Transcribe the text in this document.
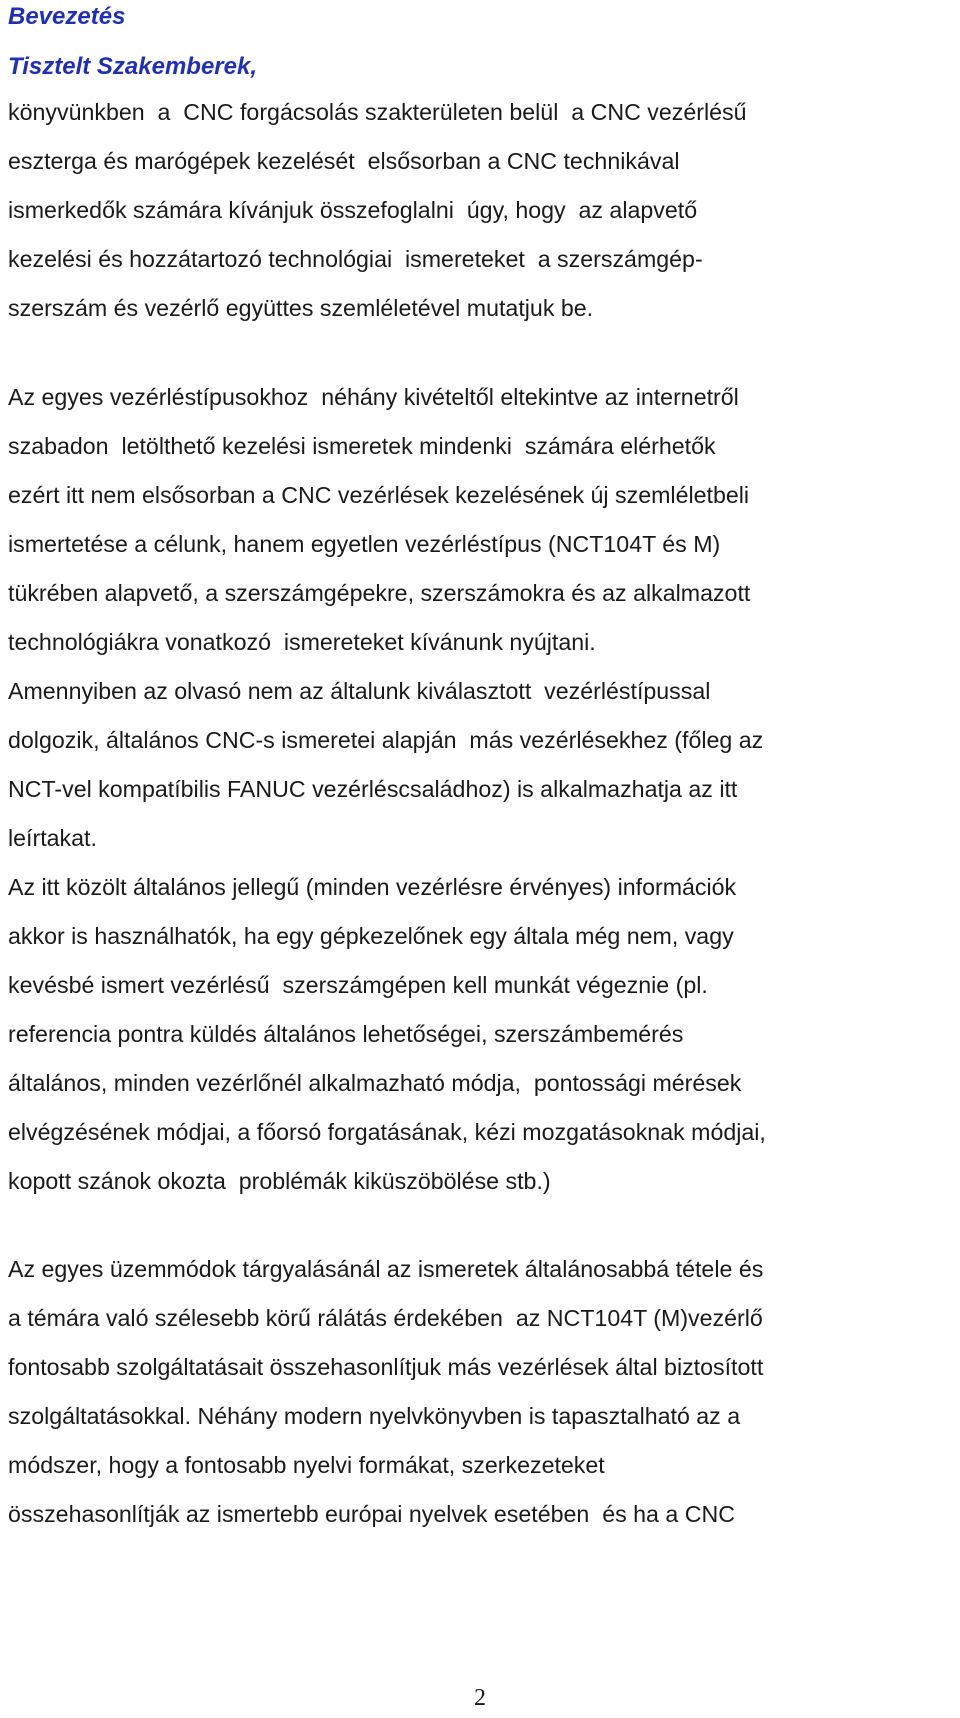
Bevezetés
Tisztelt Szakemberek,

könyvünkben  a  CNC forgácsolás szakterületen belül  a CNC vezérlésű
eszterga és marógépek kezelését  elsősorban a CNC technikával
ismerkedők számára kívánjuk összefoglalni  úgy, hogy  az alapvető
kezelési és hozzátartozó technológiai  ismereteket  a szerszámgép-
szerszám és vezérlő együttes szemléletével mutatjuk be.

Az egyes vezérléstípusokhoz  néhány kivételtől eltekintve az internetről
szabadon  letölthető kezelési ismeretek mindenki  számára elérhetők
ezért itt nem elsősorban a CNC vezérlések kezelésének új szemléletbeli
ismertetése a célunk, hanem egyetlen vezérléstípus (NCT104T és M)
tükrében alapvető, a szerszámgépekre, szerszámokra és az alkalmazott
technológiákra vonatkozó  ismereteket kívánunk nyújtani.

Amennyiben az olvasó nem az általunk kiválasztott  vezérléstípussal
dolgozik, általános CNC-s ismeretei alapján  más vezérlésekhez (főleg az
NCT-vel kompatíbilis FANUC vezérléscsaládhoz) is alkalmazhatja az itt
leírtakat.

Az itt közölt általános jellegű (minden vezérlésre érvényes) információk
akkor is használhatók, ha egy gépkezelőnek egy általa még nem, vagy
kevésbé ismert vezérlésű  szerszámgépen kell munkát végeznie (pl.
referencia pontra küldés általános lehetőségei, szerszámbemérés
általános, minden vezérlőnél alkalmazható módja,  pontossági mérések
elvégzésének módjai, a főorsó forgatásának, kézi mozgatásoknak módjai,
kopott szánok okozta  problémák kiküszöbölése stb.)

Az egyes üzemmódok tárgyalásánál az ismeretek általánosabbá tétele és
a témára való szélesebb körű rálátás érdekében  az NCT104T (M)vezérlő
fontosabb szolgáltatásait összehasonlítjuk más vezérlések által biztosított
szolgáltatásokkal. Néhány modern nyelvkönyvben is tapasztalható az a
módszer, hogy a fontosabb nyelvi formákat, szerkezeteket
összehasonlítják az ismertebb európai nyelvek esetében  és ha a CNC

2
